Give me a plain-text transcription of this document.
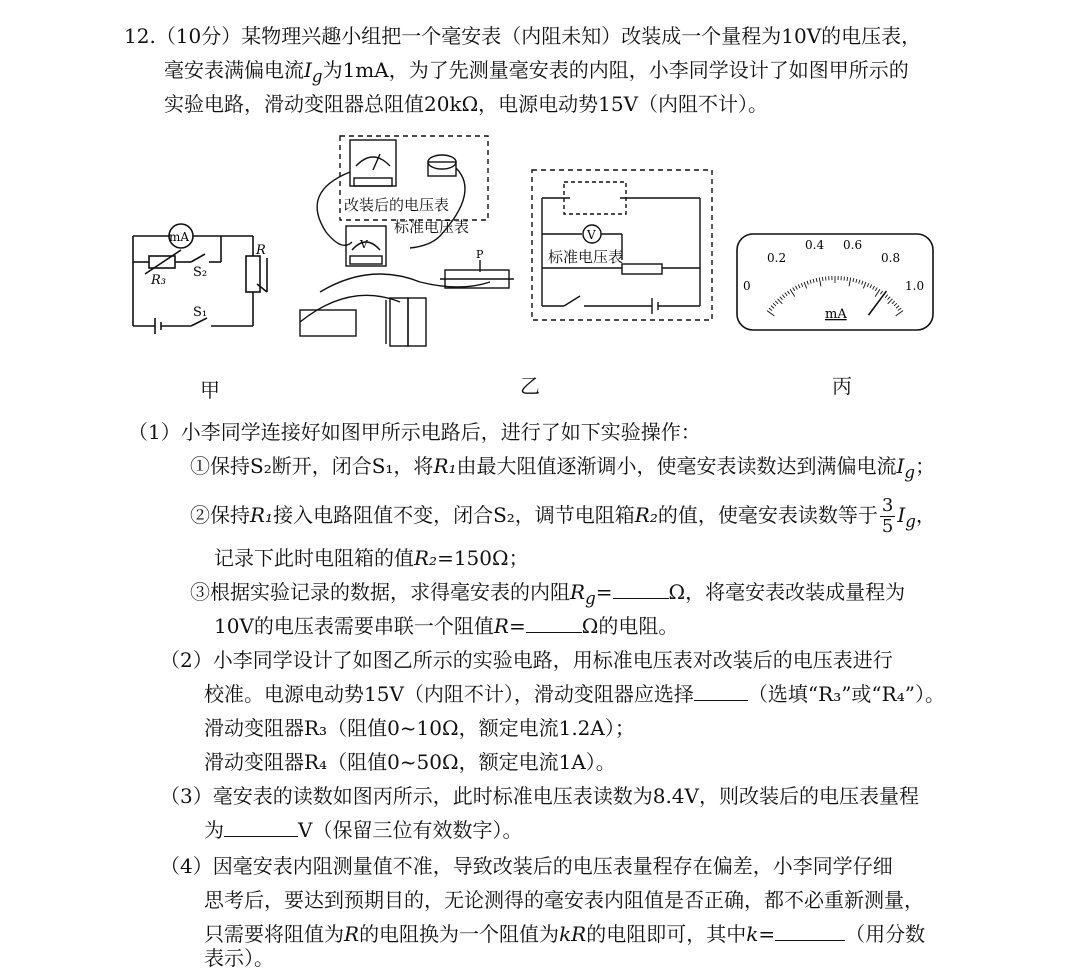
12.（10分）某物理兴趣小组把一个毫安表（内阻未知）改装成一个量程为10V的电压表，
毫安表满偏电流$I_g$为1mA，为了先测量毫安表的内阻，小李同学设计了如图甲所示的
实验电路，滑动变阻器总阻值20kΩ，电源电动势15V（内阻不计）。
mA
R₃
S₂
R
S₁
甲
V
P
改装后的电压表
标准电压表	V
标准电压表
乙
0
0.2
0.4 0.6
0.8
1.0
mA
丙
（1）小李同学连接好如图甲所示电路后，进行了如下实验操作：
①保持S₂断开，闭合S₁，将R₁由最大阻值逐渐调小，使毫安表读数达到满偏电流$I_g$；
②保持R₁接入电路阻值不变，闭合S₂，调节电阻箱R₂的值，使毫安表读数等于 $\frac{3}{5} I_g$，
记录下此时电阻箱的值R₂=150Ω；
③根据实验记录的数据，求得毫安表的内阻$R_g=$	Ω，将毫安表改装成量程为
10V的电压表需要串联一个阻值R=	Ω的电阻。
（2）小李同学设计了如图乙所示的实验电路，用标准电压表对改装后的电压表进行
校准。电源电动势15V（内阻不计），滑动变阻器应选择	（选填“R₃”或“R₄”）。
滑动变阻器R₃（阻值0~10Ω，额定电流1.2A）；
滑动变阻器R₄（阻值0~50Ω，额定电流1A）。
（3）毫安表的读数如图丙所示，此时标准电压表读数为8.4V，则改装后的电压表量程
为	V（保留三位有效数字）。
（4）因毫安表内阻测量值不准，导致改装后的电压表量程存在偏差，小李同学仔细
思考后，要达到预期目的，无论测得的毫安表内阻值是否正确，都不必重新测量，
只需要将阻值为R的电阻换为一个阻值为kR的电阻即可，其中k=	（用分数
表示）。
